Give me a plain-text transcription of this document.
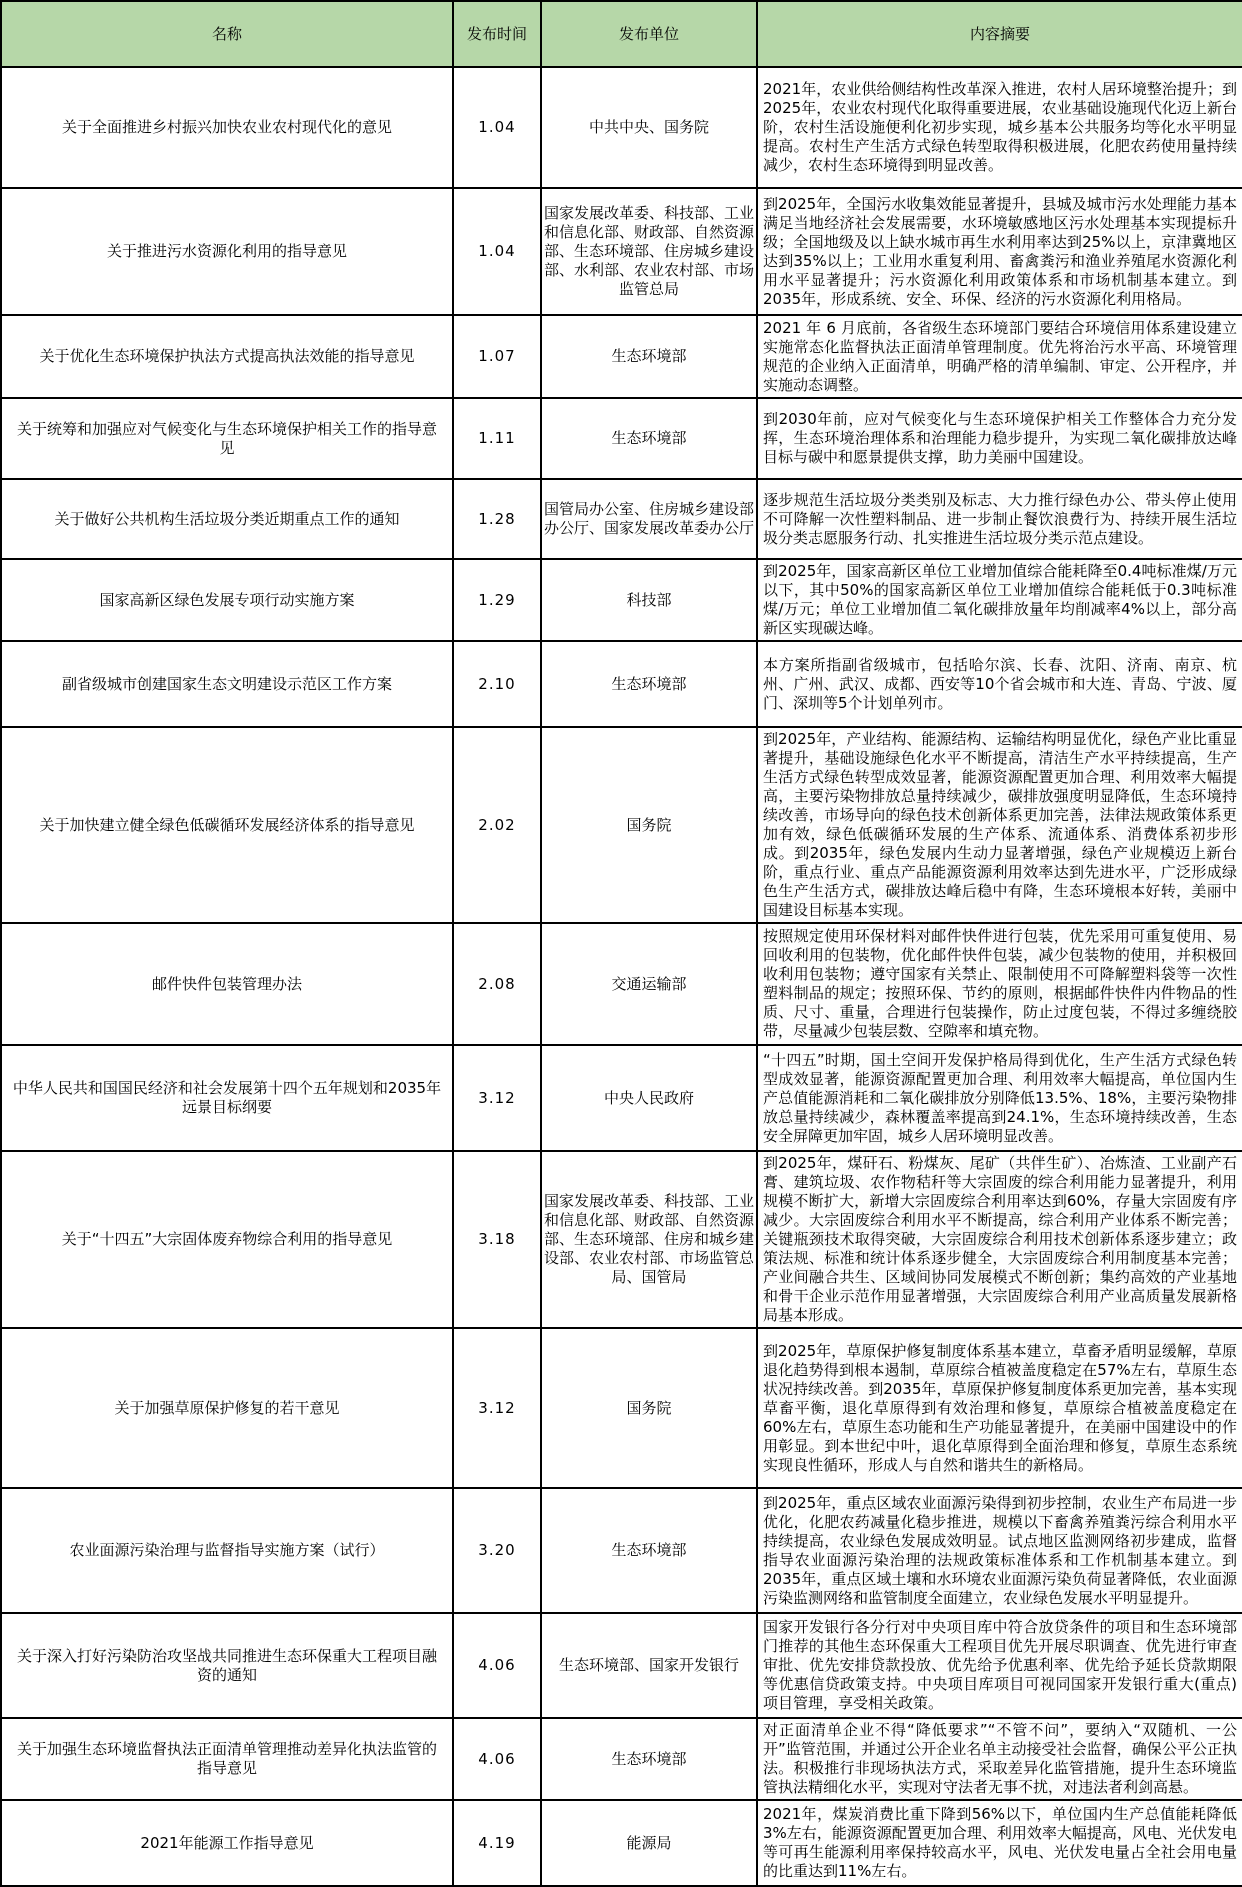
名称	发布时间	发布单位	内容摘要
关于全面推进乡村振兴加快农业农村现代化的意见	1.04	中共中央、国务院	2021年，农业供给侧结构性改革深入推进，农村人居环境整治提升；到2025年，农业农村现代化取得重要进展，农业基础设施现代化迈上新台阶，农村生活设施便利化初步实现，城乡基本公共服务均等化水平明显提高。农村生产生活方式绿色转型取得积极进展，化肥农药使用量持续减少，农村生态环境得到明显改善。
关于推进污水资源化利用的指导意见	1.04	国家发展改革委、科技部、工业和信息化部、财政部、自然资源部、生态环境部、住房城乡建设部、水利部、农业农村部、市场监管总局	到2025年，全国污水收集效能显著提升，县城及城市污水处理能力基本满足当地经济社会发展需要，水环境敏感地区污水处理基本实现提标升级；全国地级及以上缺水城市再生水利用率达到25%以上，京津冀地区达到35%以上；工业用水重复利用、畜禽粪污和渔业养殖尾水资源化利用水平显著提升；污水资源化利用政策体系和市场机制基本建立。到2035年，形成系统、安全、环保、经济的污水资源化利用格局。
关于优化生态环境保护执法方式提高执法效能的指导意见	1.07	生态环境部	2021 年 6 月底前，各省级生态环境部门要结合环境信用体系建设建立实施常态化监督执法正面清单管理制度。优先将治污水平高、环境管理规范的企业纳入正面清单，明确严格的清单编制、审定、公开程序，并实施动态调整。
关于统筹和加强应对气候变化与生态环境保护相关工作的指导意见	1.11	生态环境部	到2030年前，应对气候变化与生态环境保护相关工作整体合力充分发挥，生态环境治理体系和治理能力稳步提升，为实现二氧化碳排放达峰目标与碳中和愿景提供支撑，助力美丽中国建设。
关于做好公共机构生活垃圾分类近期重点工作的通知	1.28	国管局办公室、住房城乡建设部办公厅、国家发展改革委办公厅	逐步规范生活垃圾分类类别及标志、大力推行绿色办公、带头停止使用不可降解一次性塑料制品、进一步制止餐饮浪费行为、持续开展生活垃圾分类志愿服务行动、扎实推进生活垃圾分类示范点建设。
国家高新区绿色发展专项行动实施方案	1.29	科技部	到2025年，国家高新区单位工业增加值综合能耗降至0.4吨标准煤/万元以下，其中50%的国家高新区单位工业增加值综合能耗低于0.3吨标准煤/万元；单位工业增加值二氧化碳排放量年均削减率4%以上，部分高新区实现碳达峰。
副省级城市创建国家生态文明建设示范区工作方案	2.10	生态环境部	本方案所指副省级城市，包括哈尔滨、长春、沈阳、济南、南京、杭州、广州、武汉、成都、西安等10个省会城市和大连、青岛、宁波、厦门、深圳等5个计划单列市。
关于加快建立健全绿色低碳循环发展经济体系的指导意见	2.02	国务院	到2025年，产业结构、能源结构、运输结构明显优化，绿色产业比重显著提升，基础设施绿色化水平不断提高，清洁生产水平持续提高，生产生活方式绿色转型成效显著，能源资源配置更加合理、利用效率大幅提高，主要污染物排放总量持续减少，碳排放强度明显降低，生态环境持续改善，市场导向的绿色技术创新体系更加完善，法律法规政策体系更加有效，绿色低碳循环发展的生产体系、流通体系、消费体系初步形成。到2035年，绿色发展内生动力显著增强，绿色产业规模迈上新台阶，重点行业、重点产品能源资源利用效率达到先进水平，广泛形成绿色生产生活方式，碳排放达峰后稳中有降，生态环境根本好转，美丽中国建设目标基本实现。
邮件快件包装管理办法	2.08	交通运输部	按照规定使用环保材料对邮件快件进行包装，优先采用可重复使用、易回收利用的包装物，优化邮件快件包装，减少包装物的使用，并积极回收利用包装物；遵守国家有关禁止、限制使用不可降解塑料袋等一次性塑料制品的规定；按照环保、节约的原则，根据邮件快件内件物品的性质、尺寸、重量，合理进行包装操作，防止过度包装，不得过多缠绕胶带，尽量减少包装层数、空隙率和填充物。
中华人民共和国国民经济和社会发展第十四个五年规划和2035年远景目标纲要	3.12	中央人民政府	“十四五”时期，国土空间开发保护格局得到优化，生产生活方式绿色转型成效显著，能源资源配置更加合理、利用效率大幅提高，单位国内生产总值能源消耗和二氧化碳排放分别降低13.5%、18%，主要污染物排放总量持续减少，森林覆盖率提高到24.1%，生态环境持续改善，生态安全屏障更加牢固，城乡人居环境明显改善。
关于“十四五”大宗固体废弃物综合利用的指导意见	3.18	国家发展改革委、科技部、工业和信息化部、财政部、自然资源部、生态环境部、住房和城乡建设部、农业农村部、市场监管总局、国管局	到2025年，煤矸石、粉煤灰、尾矿（共伴生矿）、冶炼渣、工业副产石膏、建筑垃圾、农作物秸秆等大宗固废的综合利用能力显著提升，利用规模不断扩大，新增大宗固废综合利用率达到60%，存量大宗固废有序减少。大宗固废综合利用水平不断提高，综合利用产业体系不断完善；关键瓶颈技术取得突破，大宗固废综合利用技术创新体系逐步建立；政策法规、标准和统计体系逐步健全，大宗固废综合利用制度基本完善；产业间融合共生、区域间协同发展模式不断创新；集约高效的产业基地和骨干企业示范作用显著增强，大宗固废综合利用产业高质量发展新格局基本形成。
关于加强草原保护修复的若干意见	3.12	国务院	到2025年，草原保护修复制度体系基本建立，草畜矛盾明显缓解，草原退化趋势得到根本遏制，草原综合植被盖度稳定在57%左右，草原生态状况持续改善。到2035年，草原保护修复制度体系更加完善，基本实现草畜平衡，退化草原得到有效治理和修复，草原综合植被盖度稳定在60%左右，草原生态功能和生产功能显著提升，在美丽中国建设中的作用彰显。到本世纪中叶，退化草原得到全面治理和修复，草原生态系统实现良性循环，形成人与自然和谐共生的新格局。
农业面源污染治理与监督指导实施方案（试行）	3.20	生态环境部	到2025年，重点区域农业面源污染得到初步控制，农业生产布局进一步优化，化肥农药减量化稳步推进，规模以下畜禽养殖粪污综合利用水平持续提高，农业绿色发展成效明显。试点地区监测网络初步建成，监督指导农业面源污染治理的法规政策标准体系和工作机制基本建立。到2035年，重点区域土壤和水环境农业面源污染负荷显著降低，农业面源污染监测网络和监管制度全面建立，农业绿色发展水平明显提升。
关于深入打好污染防治攻坚战共同推进生态环保重大工程项目融资的通知	4.06	生态环境部、国家开发银行	国家开发银行各分行对中央项目库中符合放贷条件的项目和生态环境部门推荐的其他生态环保重大工程项目优先开展尽职调查、优先进行审查审批、优先安排贷款投放、优先给予优惠利率、优先给予延长贷款期限等优惠信贷政策支持。中央项目库项目可视同国家开发银行重大(重点)项目管理，享受相关政策。
关于加强生态环境监督执法正面清单管理推动差异化执法监管的指导意见	4.06	生态环境部	对正面清单企业不得“降低要求”“不管不问”，要纳入“双随机、一公开”监管范围，并通过公开企业名单主动接受社会监督，确保公平公正执法。积极推行非现场执法方式，采取差异化监管措施，提升生态环境监管执法精细化水平，实现对守法者无事不扰，对违法者利剑高悬。
2021年能源工作指导意见	4.19	能源局	2021年，煤炭消费比重下降到56%以下，单位国内生产总值能耗降低3%左右，能源资源配置更加合理、利用效率大幅提高，风电、光伏发电等可再生能源利用率保持较高水平，风电、光伏发电量占全社会用电量的比重达到11%左右。
